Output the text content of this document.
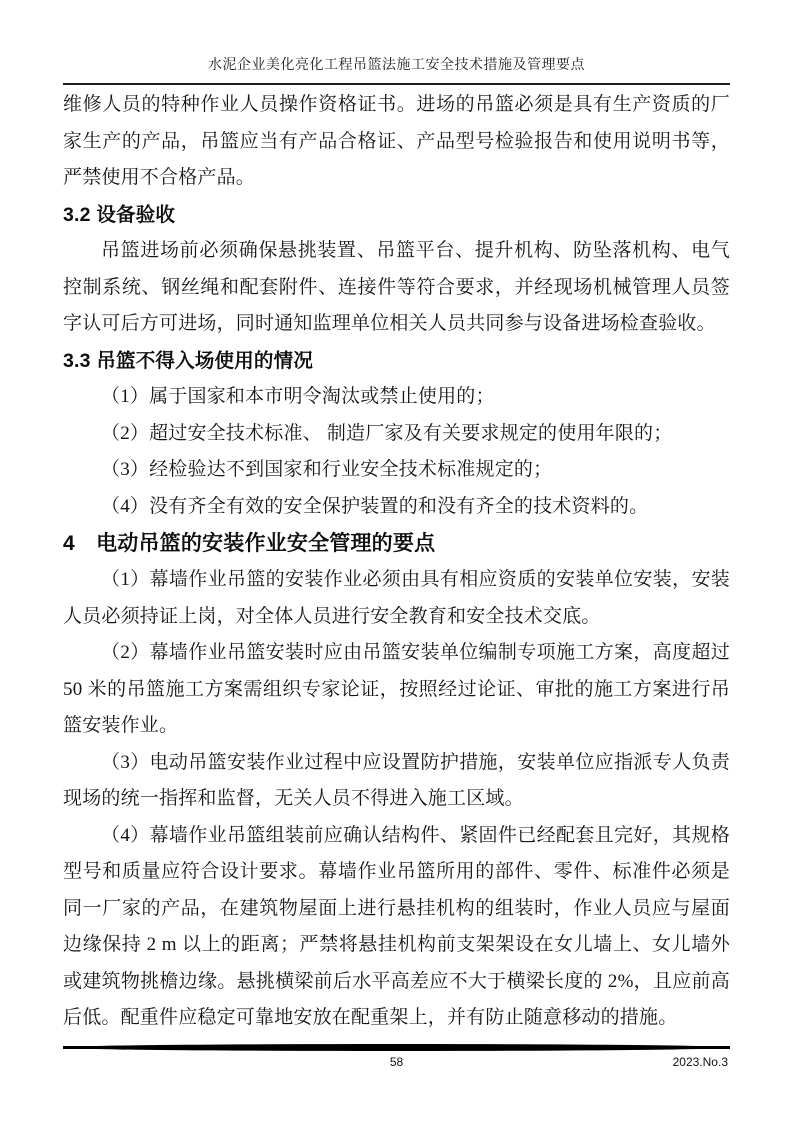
水泥企业美化亮化工程吊篮法施工安全技术措施及管理要点

维修人员的特种作业人员操作资格证书。进场的吊篮必须是具有生产资质的厂家生产的产品，吊篮应当有产品合格证、产品型号检验报告和使用说明书等，严禁使用不合格产品。

3.2 设备验收

吊篮进场前必须确保悬挑装置、吊篮平台、提升机构、防坠落机构、电气控制系统、钢丝绳和配套附件、连接件等符合要求，并经现场机械管理人员签字认可后方可进场，同时通知监理单位相关人员共同参与设备进场检查验收。

3.3 吊篮不得入场使用的情况

（1）属于国家和本市明令淘汰或禁止使用的；

（2）超过安全技术标准、 制造厂家及有关要求规定的使用年限的；

（3）经检验达不到国家和行业安全技术标准规定的；

（4）没有齐全有效的安全保护装置的和没有齐全的技术资料的。

4　电动吊篮的安装作业安全管理的要点

（1）幕墙作业吊篮的安装作业必须由具有相应资质的安装单位安装，安装人员必须持证上岗，对全体人员进行安全教育和安全技术交底。

（2）幕墙作业吊篮安装时应由吊篮安装单位编制专项施工方案，高度超过 50 米的吊篮施工方案需组织专家论证，按照经过论证、审批的施工方案进行吊篮安装作业。

（3）电动吊篮安装作业过程中应设置防护措施，安装单位应指派专人负责现场的统一指挥和监督，无关人员不得进入施工区域。

（4）幕墙作业吊篮组装前应确认结构件、紧固件已经配套且完好，其规格型号和质量应符合设计要求。幕墙作业吊篮所用的部件、零件、标准件必须是同一厂家的产品，在建筑物屋面上进行悬挂机构的组装时，作业人员应与屋面边缘保持 2 m 以上的距离；严禁将悬挂机构前支架架设在女儿墙上、女儿墙外或建筑物挑檐边缘。悬挑横梁前后水平高差应不大于横梁长度的 2%，且应前高后低。配重件应稳定可靠地安放在配重架上，并有防止随意移动的措施。

58	2023.No.3
